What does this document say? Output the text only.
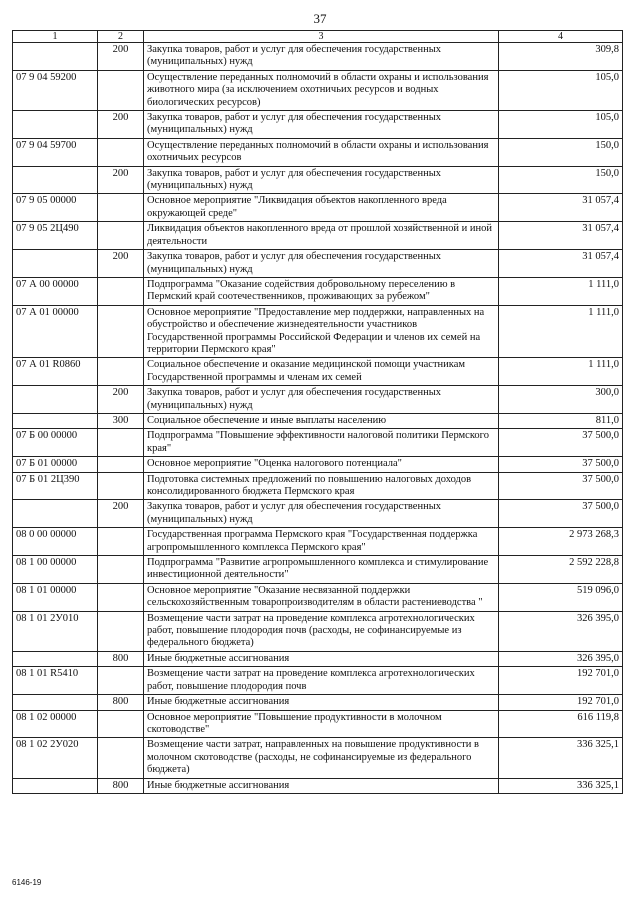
37
1	2	3	4
	200	Закупка товаров, работ и услуг для обеспечения государственных (муниципальных) нужд	309,8
07 9 04 59200		Осуществление переданных полномочий в области охраны и использования животного мира (за исключением охотничьих ресурсов и водных биологических ресурсов)	105,0
	200	Закупка товаров, работ и услуг для обеспечения государственных (муниципальных) нужд	105,0
07 9 04 59700		Осуществление переданных полномочий в области охраны и использования охотничьих ресурсов	150,0
	200	Закупка товаров, работ и услуг для обеспечения государственных (муниципальных) нужд	150,0
07 9 05 00000		Основное мероприятие "Ликвидация объектов накопленного вреда окружающей среде"	31 057,4
07 9 05 2Ц490		Ликвидация объектов накопленного вреда от прошлой хозяйственной и иной деятельности	31 057,4
	200	Закупка товаров, работ и услуг для обеспечения государственных (муниципальных) нужд	31 057,4
07 А 00 00000		Подпрограмма "Оказание содействия добровольному переселению в Пермский край соотечественников, проживающих за рубежом"	1 111,0
07 А 01 00000		Основное мероприятие "Предоставление мер поддержки, направленных на обустройство и обеспечение жизнедеятельности участников Государственной программы Российской Федерации и членов их семей на территории Пермского края"	1 111,0
07 А 01 R0860		Социальное обеспечение и оказание медицинской помощи участникам Государственной программы и членам их семей	1 111,0
	200	Закупка товаров, работ и услуг для обеспечения государственных (муниципальных) нужд	300,0
	300	Социальное обеспечение и иные выплаты населению	811,0
07 Б 00 00000		Подпрограмма "Повышение эффективности налоговой политики Пермского края"	37 500,0
07 Б 01 00000		Основное мероприятие "Оценка налогового потенциала"	37 500,0
07 Б 01 2Ц390		Подготовка системных предложений по повышению налоговых доходов консолидированного бюджета Пермского края	37 500,0
	200	Закупка товаров, работ и услуг для обеспечения государственных (муниципальных) нужд	37 500,0
08 0 00 00000		Государственная программа Пермского края "Государственная поддержка агропромышленного комплекса Пермского края"	2 973 268,3
08 1 00 00000		Подпрограмма "Развитие агропромышленного комплекса и стимулирование инвестиционной деятельности"	2 592 228,8
08 1 01 00000		Основное мероприятие "Оказание несвязанной поддержки сельскохозяйственным товаропроизводителям в области растениеводства "	519 096,0
08 1 01 2У010		Возмещение части затрат на проведение комплекса агротехнологических работ, повышение плодородия почв (расходы, не софинансируемые из федерального бюджета)	326 395,0
	800	Иные бюджетные ассигнования	326 395,0
08 1 01 R5410		Возмещение части затрат на проведение комплекса агротехнологических работ, повышение плодородия почв	192 701,0
	800	Иные бюджетные ассигнования	192 701,0
08 1 02 00000		Основное мероприятие "Повышение продуктивности в молочном скотоводстве"	616 119,8
08 1 02 2У020		Возмещение части затрат, направленных на повышение продуктивности в молочном скотоводстве (расходы, не софинансируемые из федерального бюджета)	336 325,1
	800	Иные бюджетные ассигнования	336 325,1
6146-19
